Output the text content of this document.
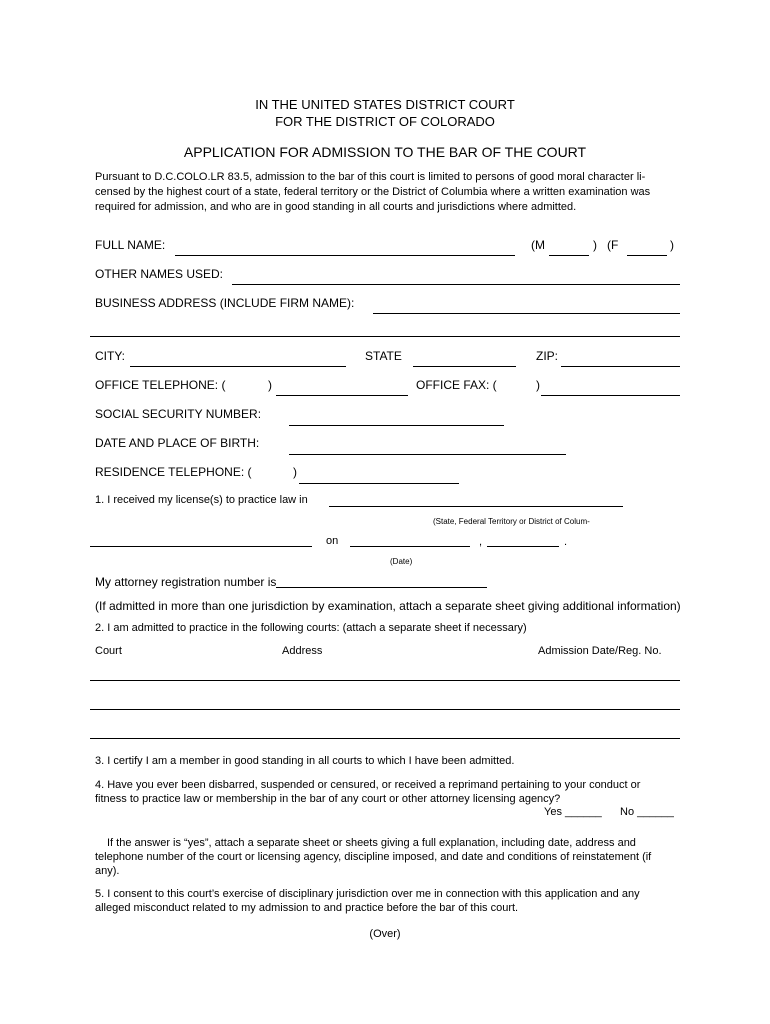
IN THE UNITED STATES DISTRICT COURT
FOR THE DISTRICT OF COLORADO
APPLICATION FOR ADMISSION TO THE BAR OF THE COURT
Pursuant to D.C.COLO.LR 83.5, admission to the bar of this court is limited to persons of good moral character li-
censed by the highest court of a state, federal territory or the District of Columbia where a written examination was
required for admission, and who are in good standing in all courts and jurisdictions where admitted.
FULL NAME:	(M	) (F	)
OTHER NAMES USED:
BUSINESS ADDRESS (INCLUDE FIRM NAME):
CITY:	STATE	ZIP:
OFFICE TELEPHONE: (	)	OFFICE FAX: (	)
SOCIAL SECURITY NUMBER:
DATE AND PLACE OF BIRTH:
RESIDENCE TELEPHONE: (	)
1. I received my license(s) to practice law in
(State, Federal Territory or District of Colum-
on	,	.
(Date)
My attorney registration number is
(If admitted in more than one jurisdiction by examination, attach a separate sheet giving additional information)
2. I am admitted to practice in the following courts: (attach a separate sheet if necessary)
Court	Address	Admission Date/Reg. No.
3. I certify I am a member in good standing in all courts to which I have been admitted.
4. Have you ever been disbarred, suspended or censured, or received a reprimand pertaining to your conduct or
fitness to practice law or membership in the bar of any court or other attorney licensing agency?
Yes ______ No ______
If the answer is “yes”, attach a separate sheet or sheets giving a full explanation, including date, address and
telephone number of the court or licensing agency, discipline imposed, and date and conditions of reinstatement (if
any).
5. I consent to this court’s exercise of disciplinary jurisdiction over me in connection with this application and any
alleged misconduct related to my admission to and practice before the bar of this court.
(Over)
